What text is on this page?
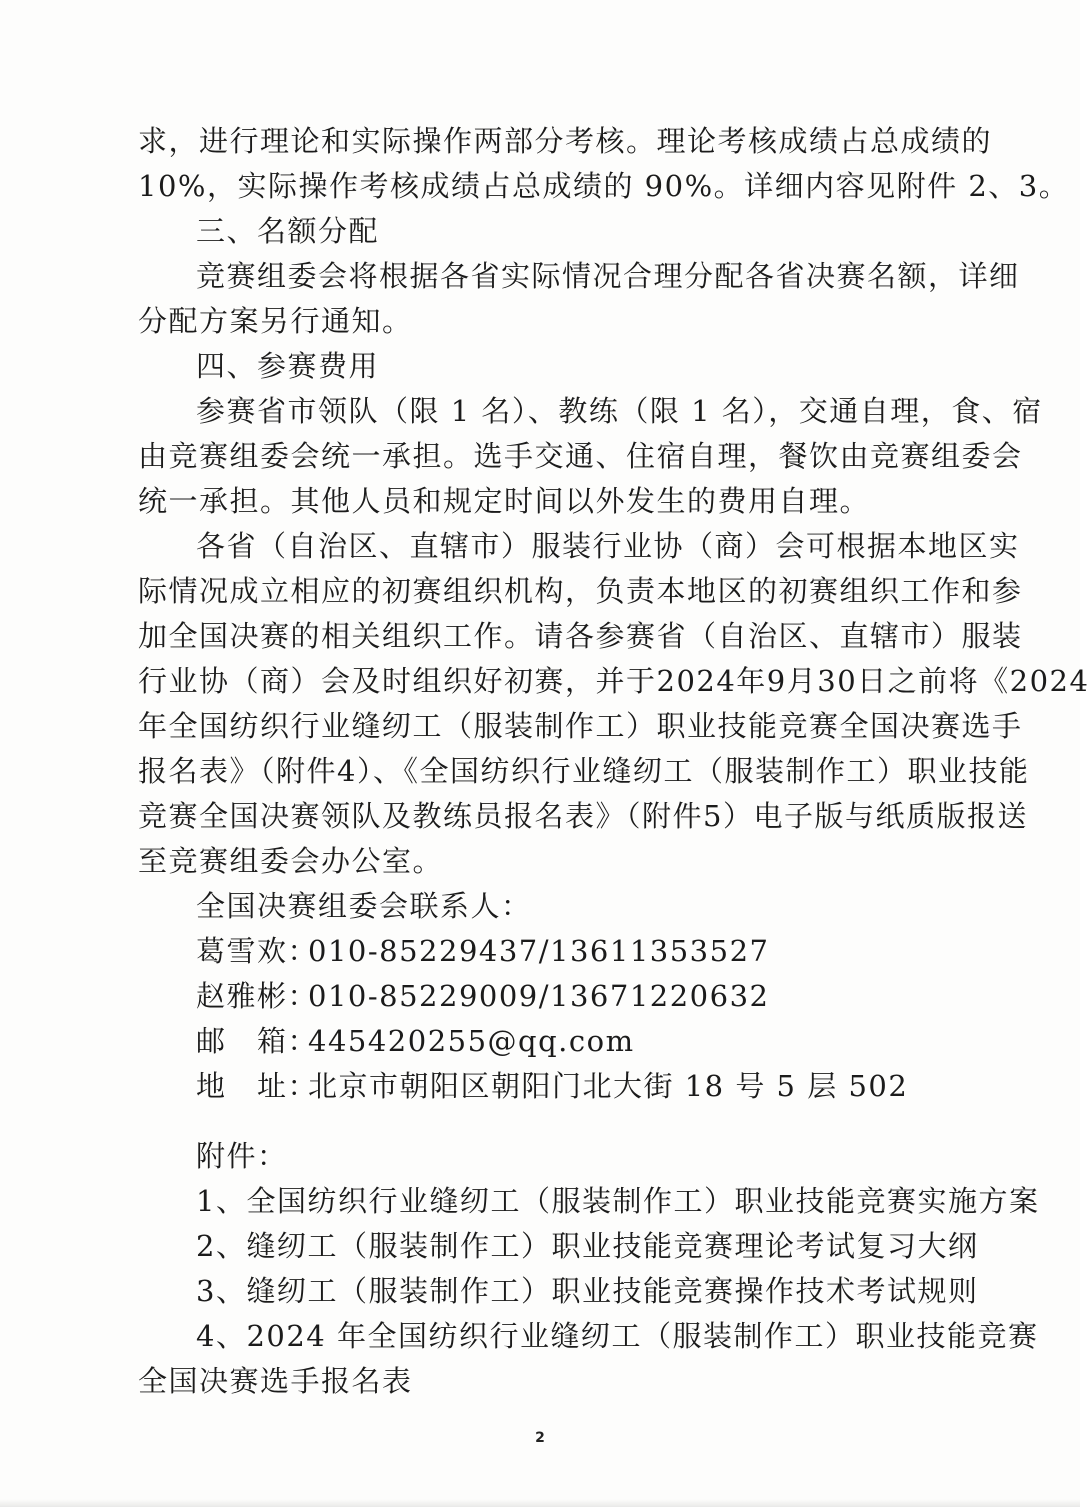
求，进行理论和实际操作两部分考核。理论考核成绩占总成绩的
10%，实际操作考核成绩占总成绩的 90%。详细内容见附件 2、3。
三、名额分配
竞赛组委会将根据各省实际情况合理分配各省决赛名额，详细
分配方案另行通知。
四、参赛费用
参赛省市领队（限 1 名）、教练（限 1 名），交通自理，食、宿
由竞赛组委会统一承担。选手交通、住宿自理，餐饮由竞赛组委会
统一承担。其他人员和规定时间以外发生的费用自理。
各省（自治区、直辖市）服装行业协（商）会可根据本地区实
际情况成立相应的初赛组织机构，负责本地区的初赛组织工作和参
加全国决赛的相关组织工作。请各参赛省（自治区、直辖市）服装
行业协（商）会及时组织好初赛，并于2024年9月30日之前将《2024
年全国纺织行业缝纫工（服装制作工）职业技能竞赛全国决赛选手
报名表》（附件4）、《全国纺织行业缝纫工（服装制作工）职业技能
竞赛全国决赛领队及教练员报名表》（附件5）电子版与纸质版报送
至竞赛组委会办公室。
全国决赛组委会联系人：
葛雪欢：010-85229437/13611353527
赵雅彬：010-85229009/13671220632
邮　箱：445420255@qq.com
地　址：北京市朝阳区朝阳门北大街 18 号 5 层 502
附件：
1、全国纺织行业缝纫工（服装制作工）职业技能竞赛实施方案
2、缝纫工（服装制作工）职业技能竞赛理论考试复习大纲
3、缝纫工（服装制作工）职业技能竞赛操作技术考试规则
4、2024 年全国纺织行业缝纫工（服装制作工）职业技能竞赛
全国决赛选手报名表
2
